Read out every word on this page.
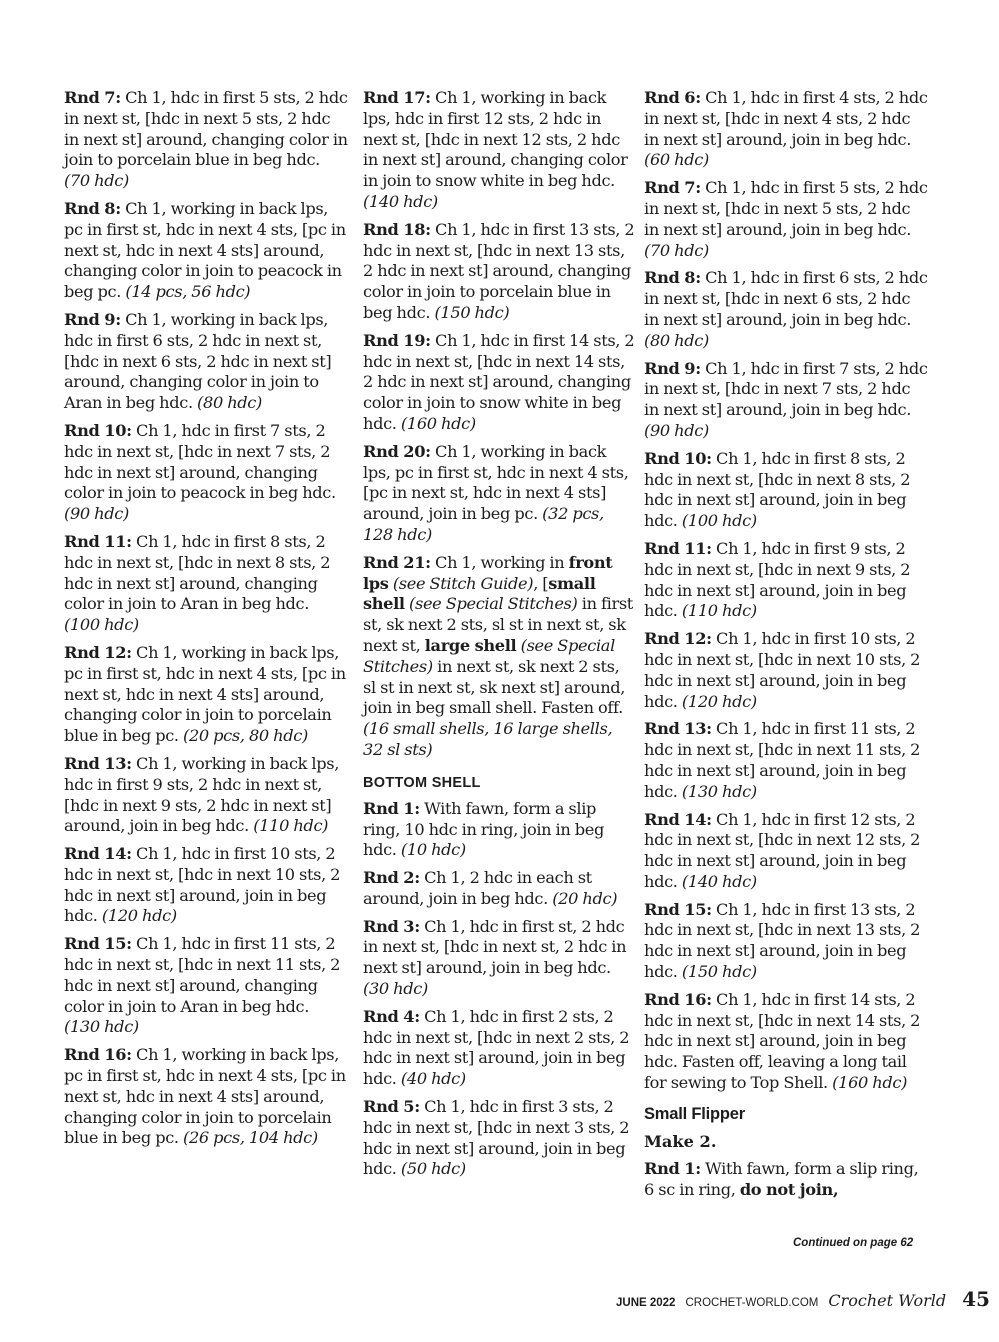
Rnd 7: Ch 1, hdc in first 5 sts, 2 hdc in next st, [hdc in next 5 sts, 2 hdc in next st] around, changing color in join to porcelain blue in beg hdc. (70 hdc)

Rnd 8: Ch 1, working in back lps, pc in first st, hdc in next 4 sts, [pc in next st, hdc in next 4 sts] around, changing color in join to peacock in beg pc. (14 pcs, 56 hdc)

Rnd 9: Ch 1, working in back lps, hdc in first 6 sts, 2 hdc in next st, [hdc in next 6 sts, 2 hdc in next st] around, changing color in join to Aran in beg hdc. (80 hdc)

Rnd 10: Ch 1, hdc in first 7 sts, 2 hdc in next st, [hdc in next 7 sts, 2 hdc in next st] around, changing color in join to peacock in beg hdc. (90 hdc)

Rnd 11: Ch 1, hdc in first 8 sts, 2 hdc in next st, [hdc in next 8 sts, 2 hdc in next st] around, changing color in join to Aran in beg hdc. (100 hdc)

Rnd 12: Ch 1, working in back lps, pc in first st, hdc in next 4 sts, [pc in next st, hdc in next 4 sts] around, changing color in join to porcelain blue in beg pc. (20 pcs, 80 hdc)

Rnd 13: Ch 1, working in back lps, hdc in first 9 sts, 2 hdc in next st, [hdc in next 9 sts, 2 hdc in next st] around, join in beg hdc. (110 hdc)

Rnd 14: Ch 1, hdc in first 10 sts, 2 hdc in next st, [hdc in next 10 sts, 2 hdc in next st] around, join in beg hdc. (120 hdc)

Rnd 15: Ch 1, hdc in first 11 sts, 2 hdc in next st, [hdc in next 11 sts, 2 hdc in next st] around, changing color in join to Aran in beg hdc. (130 hdc)

Rnd 16: Ch 1, working in back lps, pc in first st, hdc in next 4 sts, [pc in next st, hdc in next 4 sts] around, changing color in join to porcelain blue in beg pc. (26 pcs, 104 hdc)

Rnd 17: Ch 1, working in back lps, hdc in first 12 sts, 2 hdc in next st, [hdc in next 12 sts, 2 hdc in next st] around, changing color in join to snow white in beg hdc. (140 hdc)

Rnd 18: Ch 1, hdc in first 13 sts, 2 hdc in next st, [hdc in next 13 sts, 2 hdc in next st] around, changing color in join to porcelain blue in beg hdc. (150 hdc)

Rnd 19: Ch 1, hdc in first 14 sts, 2 hdc in next st, [hdc in next 14 sts, 2 hdc in next st] around, changing color in join to snow white in beg hdc. (160 hdc)

Rnd 20: Ch 1, working in back lps, pc in first st, hdc in next 4 sts, [pc in next st, hdc in next 4 sts] around, join in beg pc. (32 pcs, 128 hdc)

Rnd 21: Ch 1, working in front lps (see Stitch Guide), [small shell (see Special Stitches) in first st, sk next 2 sts, sl st in next st, sk next st, large shell (see Special Stitches) in next st, sk next 2 sts, sl st in next st, sk next st] around, join in beg small shell. Fasten off. (16 small shells, 16 large shells, 32 sl sts)

BOTTOM SHELL

Rnd 1: With fawn, form a slip ring, 10 hdc in ring, join in beg hdc. (10 hdc)

Rnd 2: Ch 1, 2 hdc in each st around, join in beg hdc. (20 hdc)

Rnd 3: Ch 1, hdc in first st, 2 hdc in next st, [hdc in next st, 2 hdc in next st] around, join in beg hdc. (30 hdc)

Rnd 4: Ch 1, hdc in first 2 sts, 2 hdc in next st, [hdc in next 2 sts, 2 hdc in next st] around, join in beg hdc. (40 hdc)

Rnd 5: Ch 1, hdc in first 3 sts, 2 hdc in next st, [hdc in next 3 sts, 2 hdc in next st] around, join in beg hdc. (50 hdc)

Rnd 6: Ch 1, hdc in first 4 sts, 2 hdc in next st, [hdc in next 4 sts, 2 hdc in next st] around, join in beg hdc. (60 hdc)

Rnd 7: Ch 1, hdc in first 5 sts, 2 hdc in next st, [hdc in next 5 sts, 2 hdc in next st] around, join in beg hdc. (70 hdc)

Rnd 8: Ch 1, hdc in first 6 sts, 2 hdc in next st, [hdc in next 6 sts, 2 hdc in next st] around, join in beg hdc. (80 hdc)

Rnd 9: Ch 1, hdc in first 7 sts, 2 hdc in next st, [hdc in next 7 sts, 2 hdc in next st] around, join in beg hdc. (90 hdc)

Rnd 10: Ch 1, hdc in first 8 sts, 2 hdc in next st, [hdc in next 8 sts, 2 hdc in next st] around, join in beg hdc. (100 hdc)

Rnd 11: Ch 1, hdc in first 9 sts, 2 hdc in next st, [hdc in next 9 sts, 2 hdc in next st] around, join in beg hdc. (110 hdc)

Rnd 12: Ch 1, hdc in first 10 sts, 2 hdc in next st, [hdc in next 10 sts, 2 hdc in next st] around, join in beg hdc. (120 hdc)

Rnd 13: Ch 1, hdc in first 11 sts, 2 hdc in next st, [hdc in next 11 sts, 2 hdc in next st] around, join in beg hdc. (130 hdc)

Rnd 14: Ch 1, hdc in first 12 sts, 2 hdc in next st, [hdc in next 12 sts, 2 hdc in next st] around, join in beg hdc. (140 hdc)

Rnd 15: Ch 1, hdc in first 13 sts, 2 hdc in next st, [hdc in next 13 sts, 2 hdc in next st] around, join in beg hdc. (150 hdc)

Rnd 16: Ch 1, hdc in first 14 sts, 2 hdc in next st, [hdc in next 14 sts, 2 hdc in next st] around, join in beg hdc. Fasten off, leaving a long tail for sewing to Top Shell. (160 hdc)

Small Flipper

Make 2.

Rnd 1: With fawn, form a slip ring, 6 sc in ring, do not join,

Continued on page 62
JUNE 2022 CROCHET-WORLD.COM Crochet World 45
